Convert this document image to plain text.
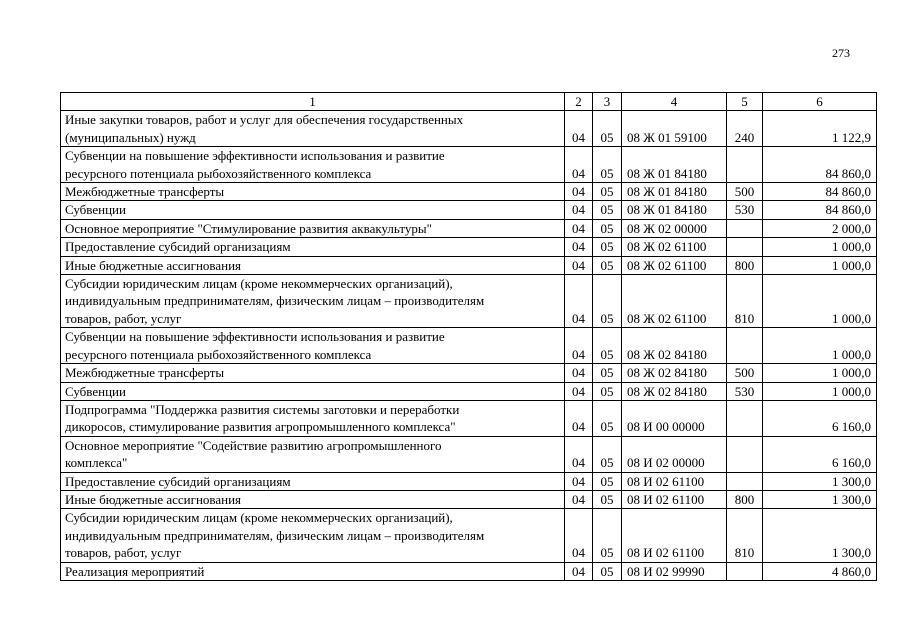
273
1	2	3	4	5	6

Иные закупки товаров, работ и услуг для обеспечения государственных
(муниципальных) нужд	04	05	08 Ж 01 59100	240	1 122,9

Субвенции на повышение эффективности использования и развитие
ресурсного потенциала рыбохозяйственного комплекса	04	05	08 Ж 01 84180		84 860,0

Межбюджетные трансферты	04	05	08 Ж 01 84180	500	84 860,0

Субвенции	04	05	08 Ж 01 84180	530	84 860,0

Основное мероприятие "Стимулирование развития аквакультуры"	04	05	08 Ж 02 00000		2 000,0

Предоставление субсидий организациям	04	05	08 Ж 02 61100		1 000,0

Иные бюджетные ассигнования	04	05	08 Ж 02 61100	800	1 000,0

Субсидии юридическим лицам (кроме некоммерческих организаций),
индивидуальным предпринимателям, физическим лицам – производителям
товаров, работ, услуг	04	05	08 Ж 02 61100	810	1 000,0

Субвенции на повышение эффективности использования и развитие
ресурсного потенциала рыбохозяйственного комплекса	04	05	08 Ж 02 84180		1 000,0

Межбюджетные трансферты	04	05	08 Ж 02 84180	500	1 000,0

Субвенции	04	05	08 Ж 02 84180	530	1 000,0

Подпрограмма "Поддержка развития системы заготовки и переработки
дикоросов, стимулирование развития агропромышленного комплекса"	04	05	08 И 00 00000		6 160,0

Основное мероприятие "Содействие развитию агропромышленного
комплекса"	04	05	08 И 02 00000		6 160,0

Предоставление субсидий организациям	04	05	08 И 02 61100		1 300,0

Иные бюджетные ассигнования	04	05	08 И 02 61100	800	1 300,0

Субсидии юридическим лицам (кроме некоммерческих организаций),
индивидуальным предпринимателям, физическим лицам – производителям
товаров, работ, услуг	04	05	08 И 02 61100	810	1 300,0

Реализация мероприятий	04	05	08 И 02 99990		4 860,0
